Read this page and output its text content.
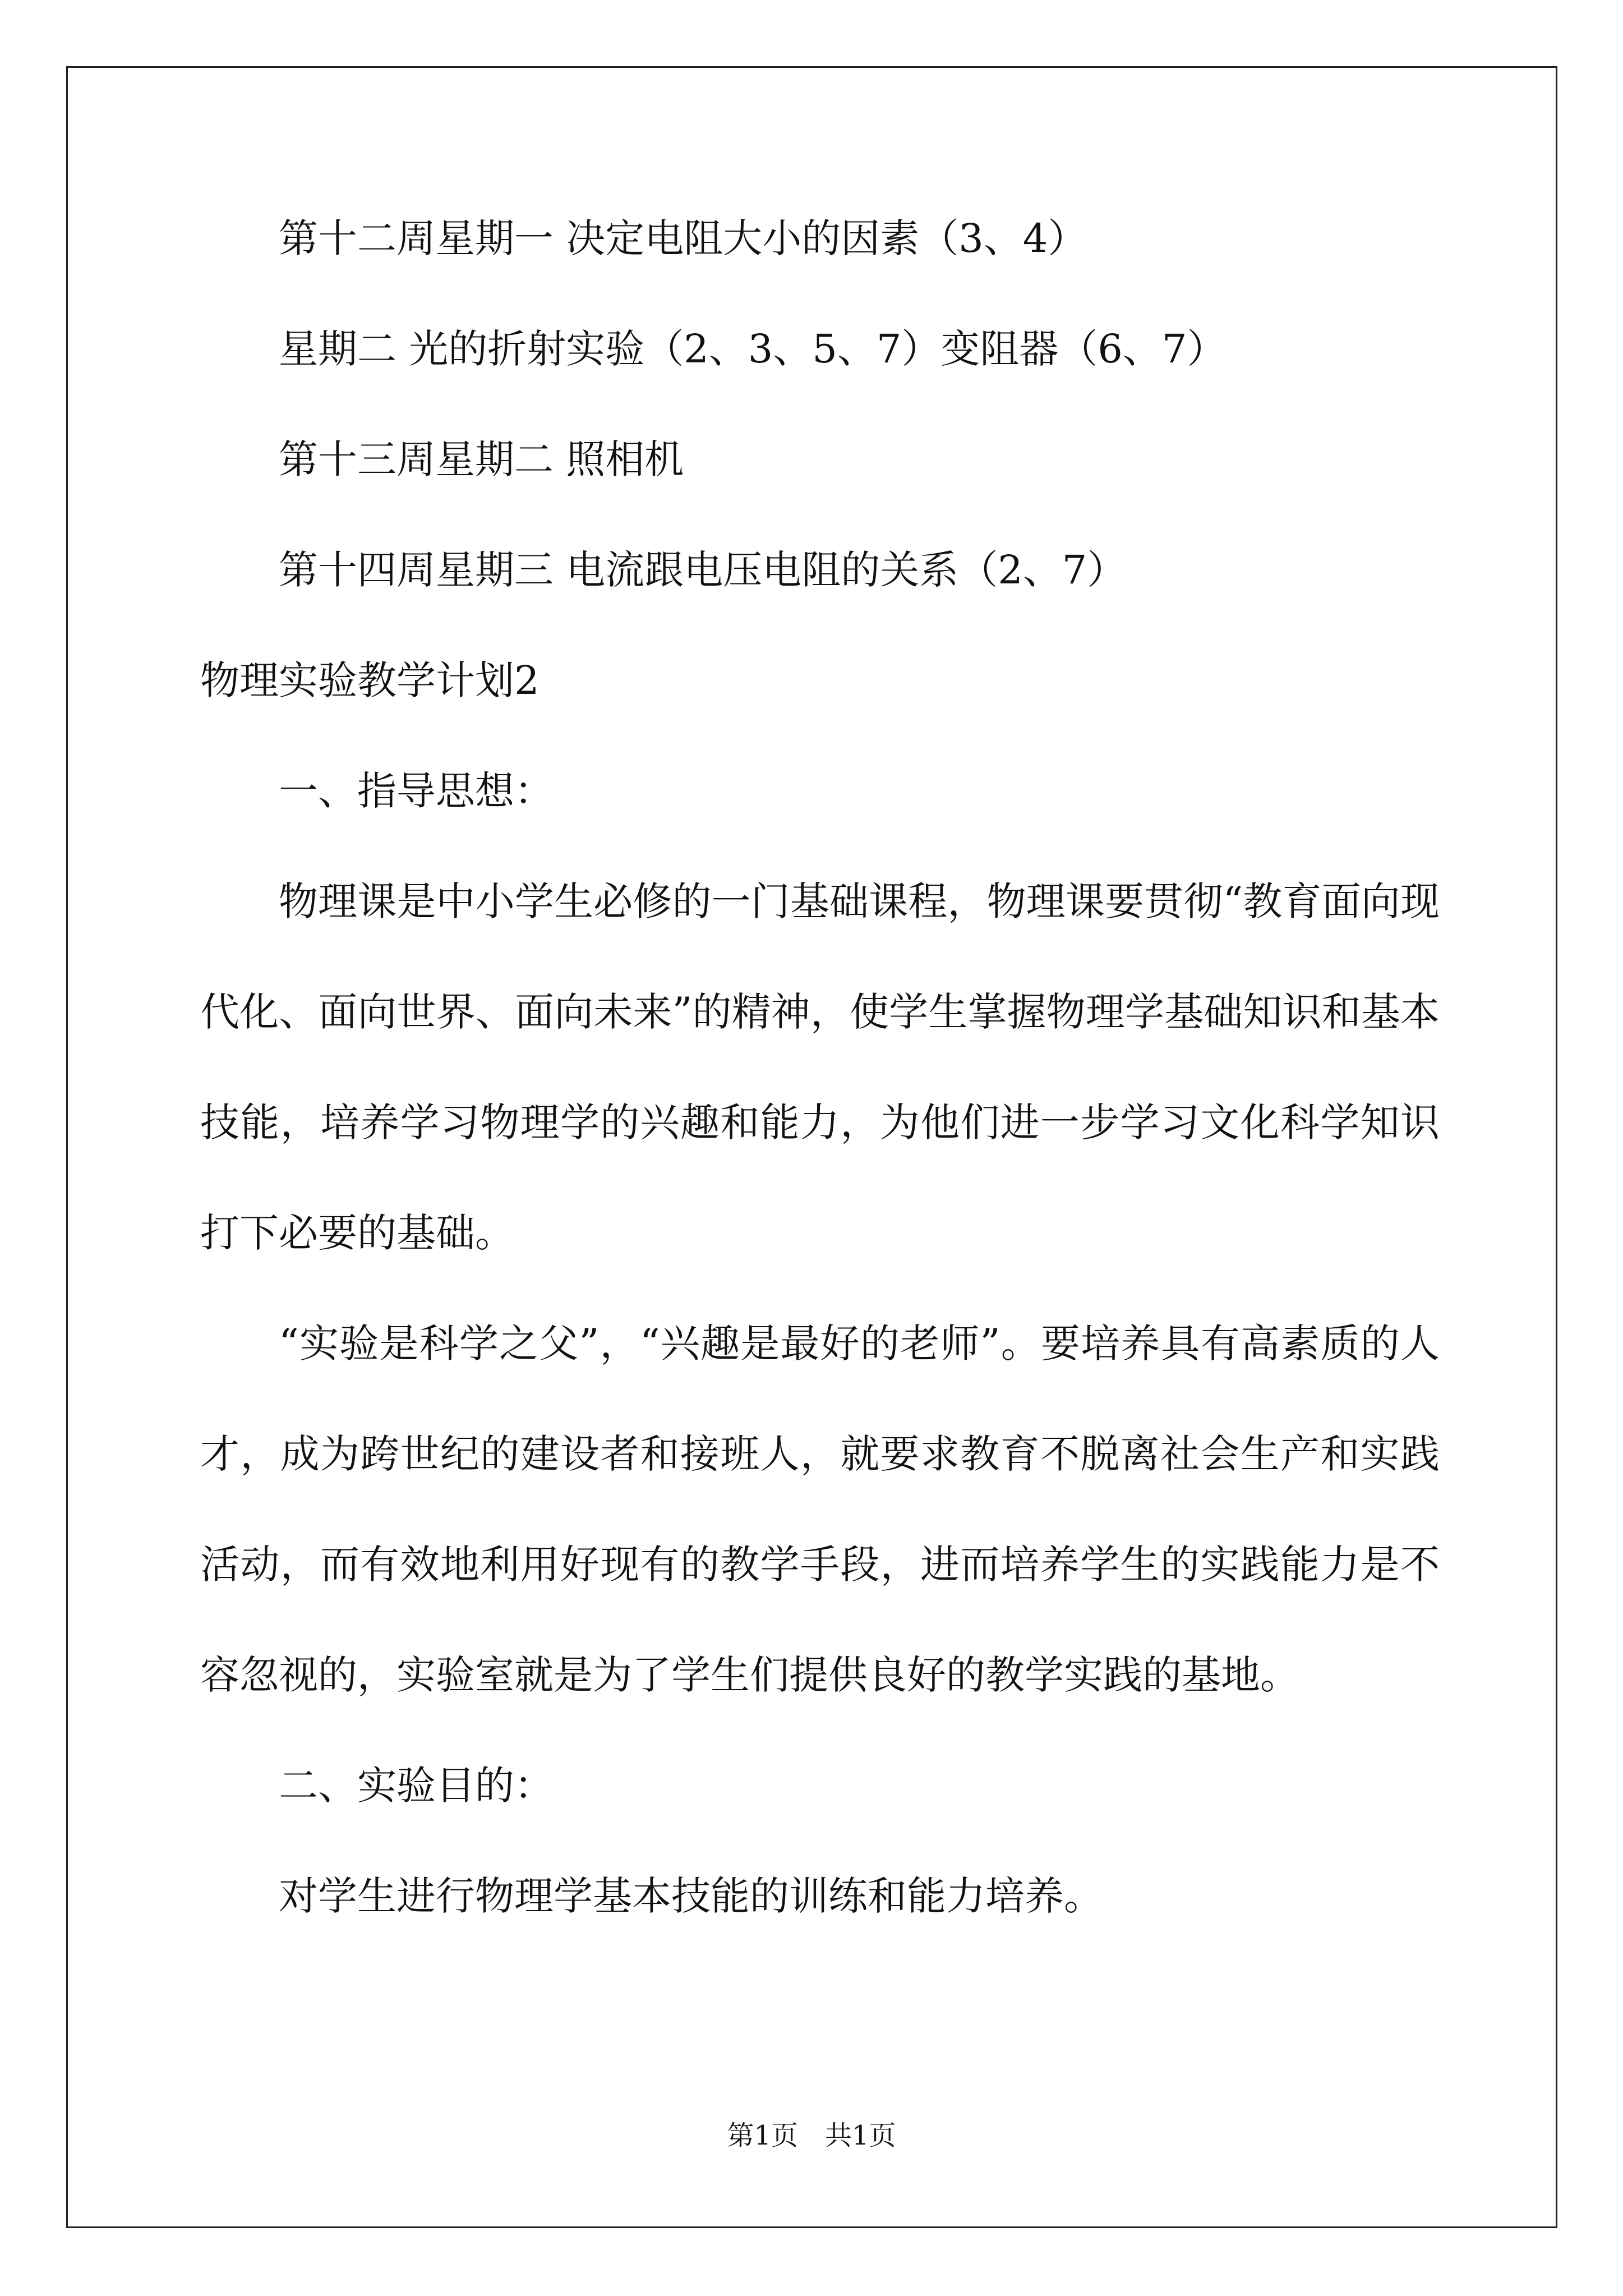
第十二周星期一 决定电阻大小的因素（3、4）

星期二 光的折射实验（2、3、5、7）变阻器（6、7）

第十三周星期二 照相机

第十四周星期三 电流跟电压电阻的关系（2、7）

物理实验教学计划2

一、指导思想：

物理课是中小学生必修的一门基础课程，物理课要贯彻“教育面向现代化、面向世界、面向未来”的精神，使学生掌握物理学基础知识和基本技能，培养学习物理学的兴趣和能力，为他们进一步学习文化科学知识打下必要的基础。

“实验是科学之父”，“兴趣是最好的老师”。要培养具有高素质的人才，成为跨世纪的建设者和接班人，就要求教育不脱离社会生产和实践活动，而有效地利用好现有的教学手段，进而培养学生的实践能力是不容忽视的，实验室就是为了学生们提供良好的教学实践的基地。

二、实验目的：

对学生进行物理学基本技能的训练和能力培养。

第1页　共1页
